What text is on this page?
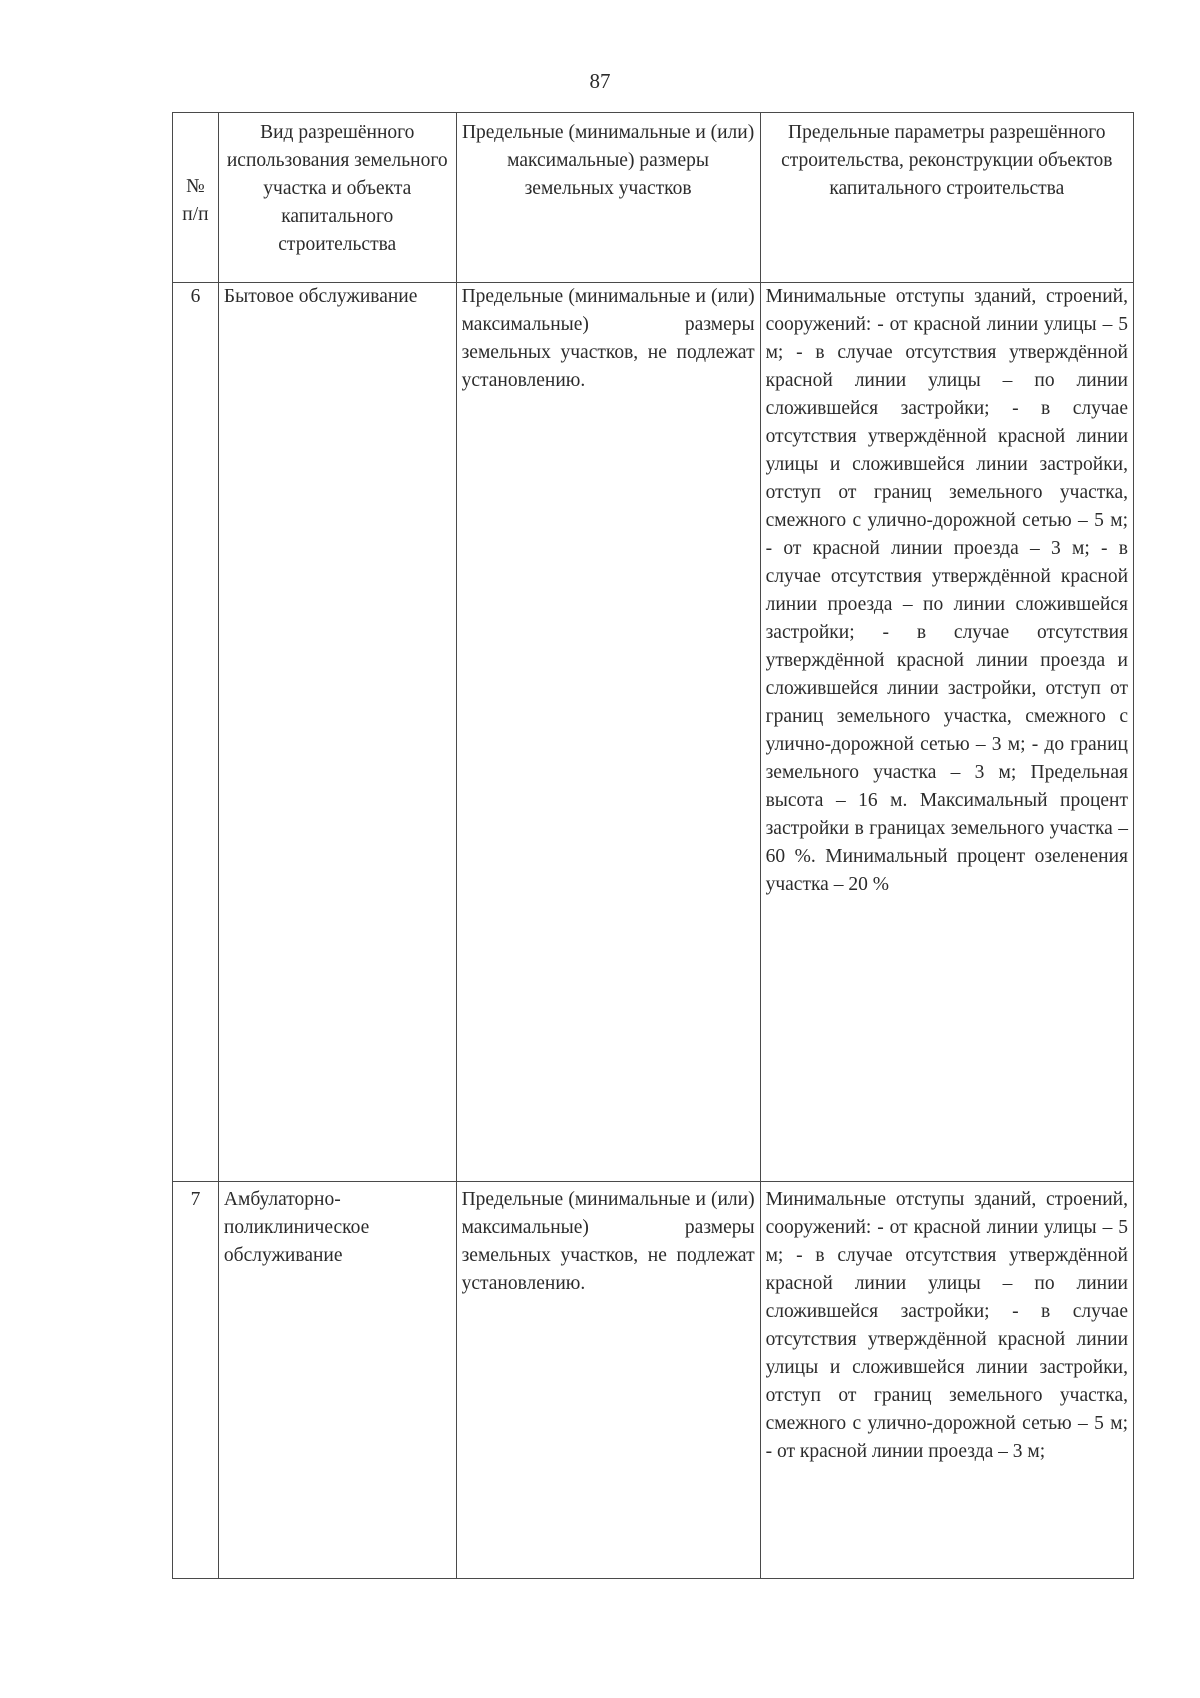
87
№ п/п	Вид разрешённого использования земельного участка и объекта капитального строительства	Предельные (минимальные и (или) максимальные) размеры земельных участков	Предельные параметры разрешённого строительства, реконструкции объектов капитального строительства
6	Бытовое обслуживание	Предельные (минимальные и (или) максимальные) размеры земельных участков, не подлежат установлению.	Минимальные отступы зданий, строений, сооружений: - от красной линии улицы – 5 м; - в случае отсутствия утверждённой красной линии улицы – по линии сложившейся застройки; - в случае отсутствия утверждённой красной линии улицы и сложившейся линии застройки, отступ от границ земельного участка, смежного с улично-дорожной сетью – 5 м; - от красной линии проезда – 3 м; - в случае отсутствия утверждённой красной линии проезда – по линии сложившейся застройки; - в случае отсутствия утверждённой красной линии проезда и сложившейся линии застройки, отступ от границ земельного участка, смежного с улично-дорожной сетью – 3 м; - до границ земельного участка – 3 м; Предельная высота – 16 м. Максимальный процент застройки в границах земельного участка – 60 %. Минимальный процент озеленения участка – 20 %
7	Амбулаторно-поликлиническое обслуживание	Предельные (минимальные и (или) максимальные) размеры земельных участков, не подлежат установлению.	Минимальные отступы зданий, строений, сооружений: - от красной линии улицы – 5 м; - в случае отсутствия утверждённой красной линии улицы – по линии сложившейся застройки; - в случае отсутствия утверждённой красной линии улицы и сложившейся линии застройки, отступ от границ земельного участка, смежного с улично-дорожной сетью – 5 м; - от красной линии проезда – 3 м;
